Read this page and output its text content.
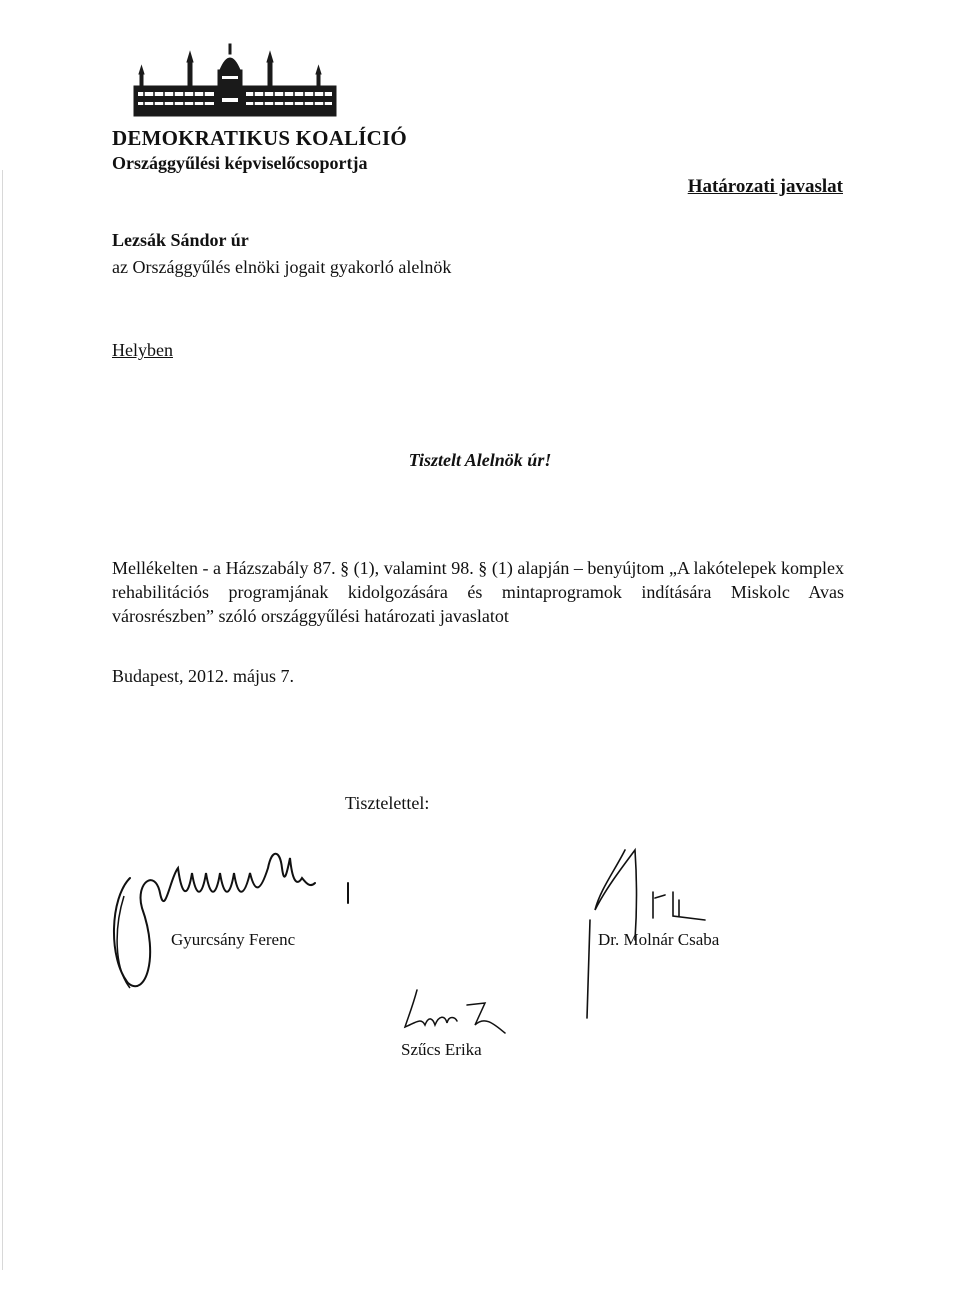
DEMOKRATIKUS KOALÍCIÓ
Országgyűlési képviselőcsoportja
Határozati javaslat
Lezsák Sándor úr
az Országgyűlés elnöki jogait gyakorló alelnök
Helyben
Tisztelt Alelnök úr!
Mellékelten - a Házszabály 87. § (1), valamint 98. § (1) alapján – benyújtom „A lakótelepek komplex rehabilitációs programjának kidolgozására és mintaprogramok indítására Miskolc Avas városrészben” szóló országgyűlési határozati javaslatot
Budapest, 2012. május 7.
Tisztelettel:
Gyurcsány Ferenc	Dr. Molnár Csaba
Szűcs Erika
